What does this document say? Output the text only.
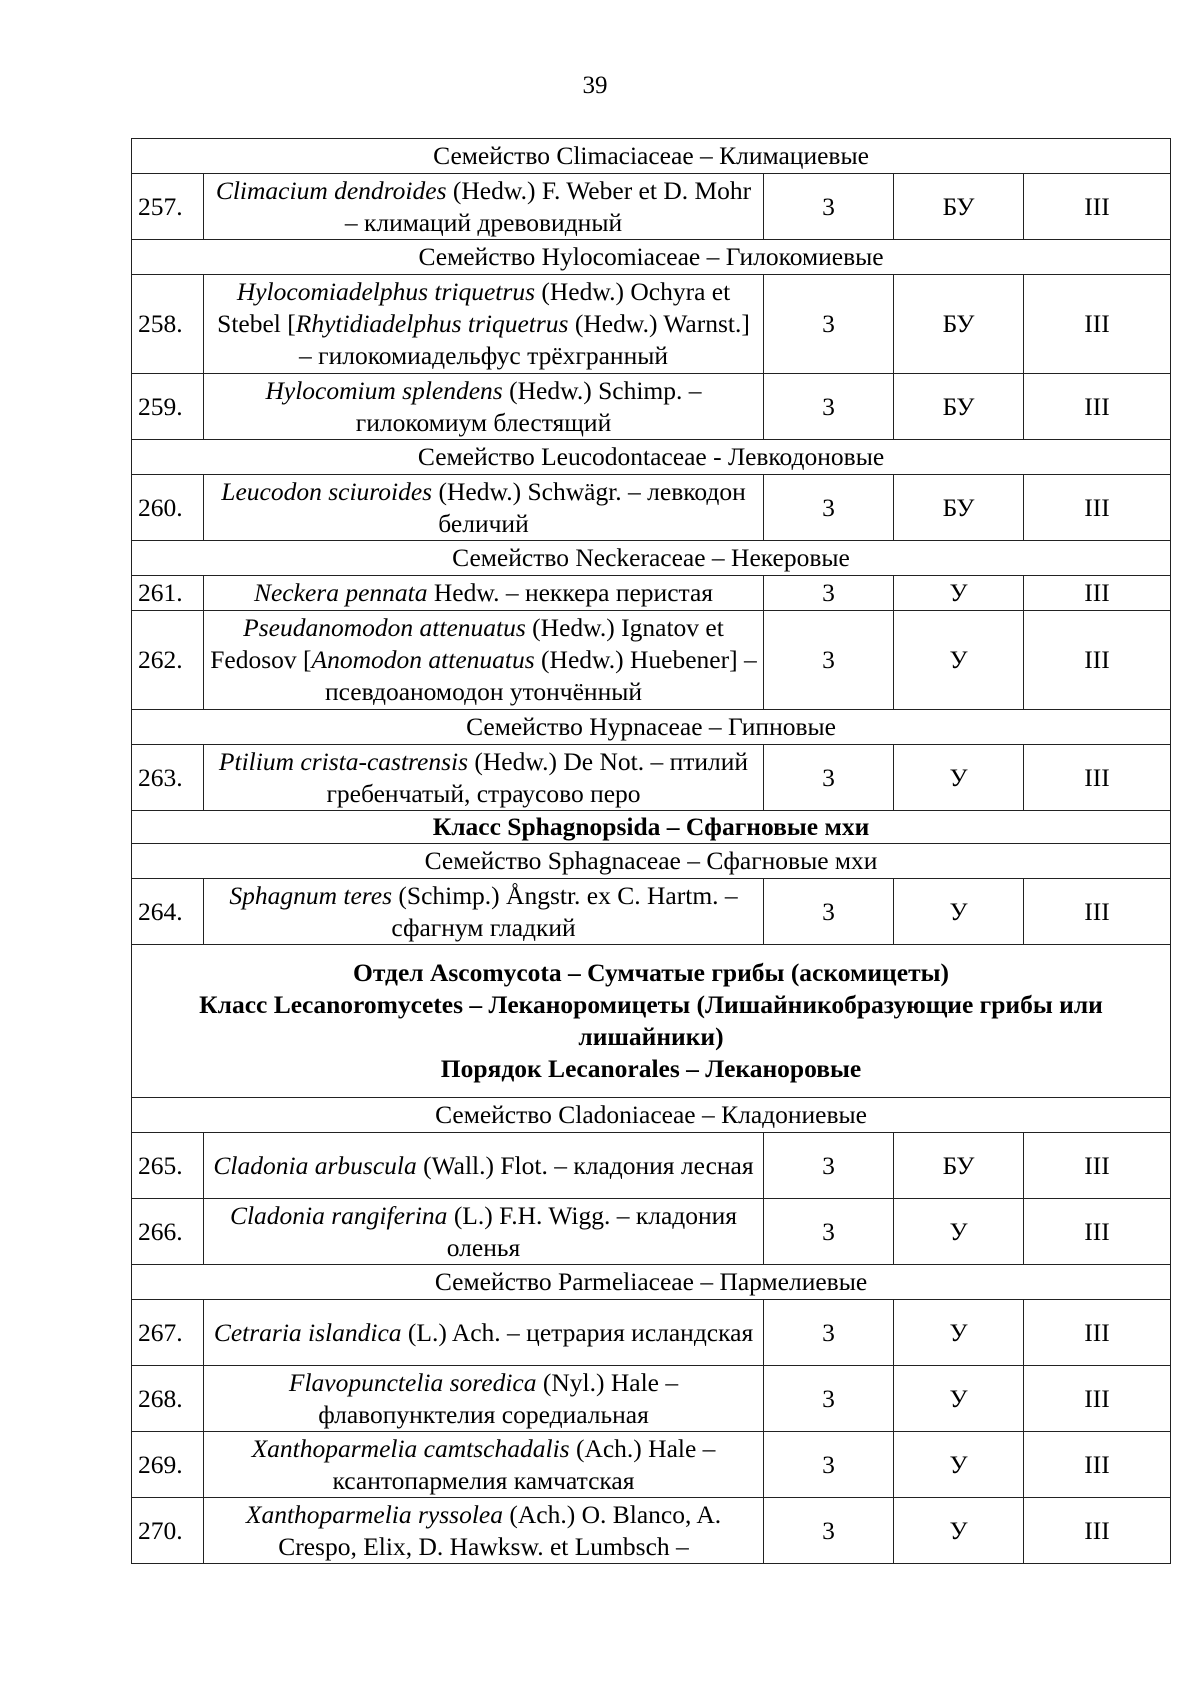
39
Семейство Climaciaceae – Климациевые				
257.	Climacium dendroides (Hedw.) F. Weber et D. Mohr – климаций древовидный	3	БУ	III
Семейство Hylocomiaceae – Гилокомиевые				
258.	Hylocomiadelphus triquetrus (Hedw.) Ochyra et Stebel [Rhytidiadelphus triquetrus (Hedw.) Warnst.] – гилокомиадельфус трёхгранный	3	БУ	III
259.	Hylocomium splendens (Hedw.) Schimp. – гилокомиум блестящий	3	БУ	III
Семейство Leucodontaceae - Левкодоновые				
260.	Leucodon sciuroides (Hedw.) Schwägr. – левкодон беличий	3	БУ	III
Семейство Neckeraceae – Некеровые				
261.	Neckera pennata Hedw. – неккера перистая	3	У	III
262.	Pseudanomodon attenuatus (Hedw.) Ignatov et Fedosov [Anomodon attenuatus (Hedw.) Huebener] – псевдоаномодон утончённый	3	У	III
Семейство Hypnaceae – Гипновые				
263.	Ptilium crista-castrensis (Hedw.) De Not. – птилий гребенчатый, страусово перо	3	У	III
Класс Sphagnopsida – Сфагновые мхи				
Семейство Sphagnaceae – Сфагновые мхи				
264.	Sphagnum teres (Schimp.) Ångstr. ex C. Hartm. – сфагнум гладкий	3	У	III

Отдел Ascomycota – Сумчатые грибы (аскомицеты)
Класс Lecanoromycetes – Леканоромицеты (Лишайникобразующие грибы или лишайники)
Порядок Lecanorales – Леканоровые				

Семейство Cladoniaceae – Кладониевые				
265.	Cladonia arbuscula (Wall.) Flot. – кладония лесная	3	БУ	III
266.	Cladonia rangiferina (L.) F.H. Wigg. – кладония оленья	3	У	III
Семейство Parmeliaceae – Пармелиевые				
267.	Cetraria islandica (L.) Ach. – цетрария исландская	3	У	III
268.	Flavopunctelia soredica (Nyl.) Hale – флавопунктелия соредиальная	3	У	III
269.	Xanthoparmelia camtschadalis (Ach.) Hale – ксантопармелия камчатская	3	У	III
270.	Xanthoparmelia ryssolea (Ach.) O. Blanco, A. Crespo, Elix, D. Hawksw. et Lumbsch –	3	У	III
